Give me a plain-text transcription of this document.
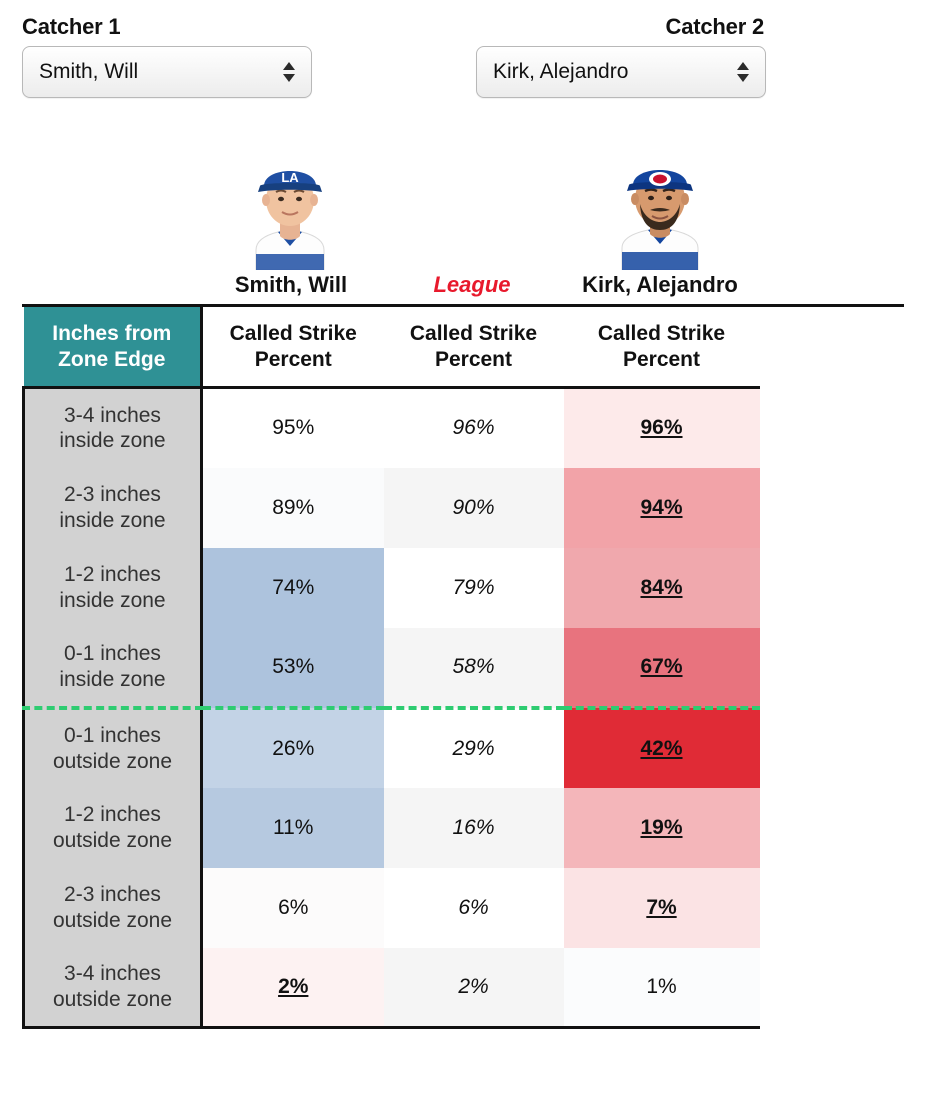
Catcher 1
Smith, Will
Catcher 2
Kirk, Alejandro
LA
Smith, Will	League	Kirk, Alejandro
Inches from
Zone Edge	Called Strike Percent	Called Strike Percent	Called Strike Percent

3-4 inches
inside zone	95%	96%	96%

2-3 inches
inside zone	89%	90%	94%

1-2 inches
inside zone	74%	79%	84%

0-1 inches
inside zone	53%	58%	67%

0-1 inches
outside zone	26%	29%	42%

1-2 inches
outside zone	11%	16%	19%

2-3 inches
outside zone	6%	6%	7%

3-4 inches
outside zone	2%	2%	1%
